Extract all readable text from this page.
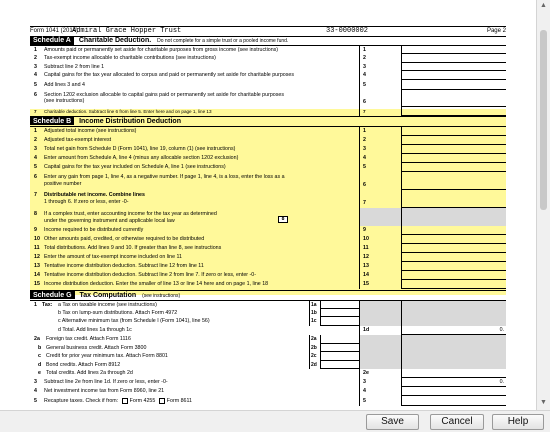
Form 1041 (2014)
Admiral Grace Hopper Trust	33-0000002	Page 2
Schedule A Charitable Deduction. Do not complete for a simple trust or a pooled income fund.
1 Amounts paid or permanently set aside for charitable purposes from gross income (see instructions)	1
2 Tax-exempt income allocable to charitable contributions (see instructions)	2
3 Subtract line 2 from line 1	3
4 Capital gains for the tax year allocated to corpus and paid or permanently set aside for charitable purposes	4
5 Add lines 3 and 4	5
6 Section 1202 exclusion allocable to capital gains paid or permanently set aside for charitable purposes
(see instructions)	6
7 Charitable deduction. Subtract line 6 from line 5. Enter here and on page 1, line 13	7
Schedule B Income Distribution Deduction
1 Adjusted total income (see instructions)	1
2 Adjusted tax-exempt interest	2
3 Total net gain from Schedule D (Form 1041), line 19, column (1) (see instructions)	3
4 Enter amount from Schedule A, line 4 (minus any allocable section 1202 exclusion)	4
5 Capital gains for the tax year included on Schedule A, line 1 (see instructions)	5
6 Enter any gain from page 1, line 4, as a negative number. If page 1, line 4, is a loss, enter the loss as a
positive number	6
7 Distributable net income. Combine lines
1 through 6. If zero or less, enter -0-	7
8 If a complex trust, enter accounting income for the tax year as determined
under the governing instrument and applicable local law	8
9 Income required to be distributed currently	9
10 Other amounts paid, credited, or otherwise required to be distributed	10
11 Total distributions. Add lines 9 and 10. If greater than line 8, see instructions	11
12 Enter the amount of tax-exempt income included on line 11	12
13 Tentative income distribution deduction. Subtract line 12 from line 11	13
14 Tentative income distribution deduction. Subtract line 2 from line 7. If zero or less, enter -0-	14
15 Income distribution deduction. Enter the smaller of line 13 or line 14 here and on page 1, line 18	15
Schedule G Tax Computation (see instructions)
1 Tax: a Tax on taxable income (see instructions)	1a
b Tax on lump-sum distributions. Attach Form 4972	1b
c Alternative minimum tax (from Schedule I (Form 1041), line 56)	1c
d Total. Add lines 1a through 1c	1d	0.
2a Foreign tax credit. Attach Form 1116	2a
b General business credit. Attach Form 3800	2b
c Credit for prior year minimum tax. Attach Form 8801	2c
d Bond credits. Attach Form 8912	2d
e Total credits. Add lines 2a through 2d	2e
3 Subtract line 2e from line 1d. If zero or less, enter -0-	3	0.
4 Net investment income tax from Form 8960, line 21	4
5 Recapture taxes. Check if from: Form 4255 Form 8611	5
▲
▼
Save	Cancel	Help
